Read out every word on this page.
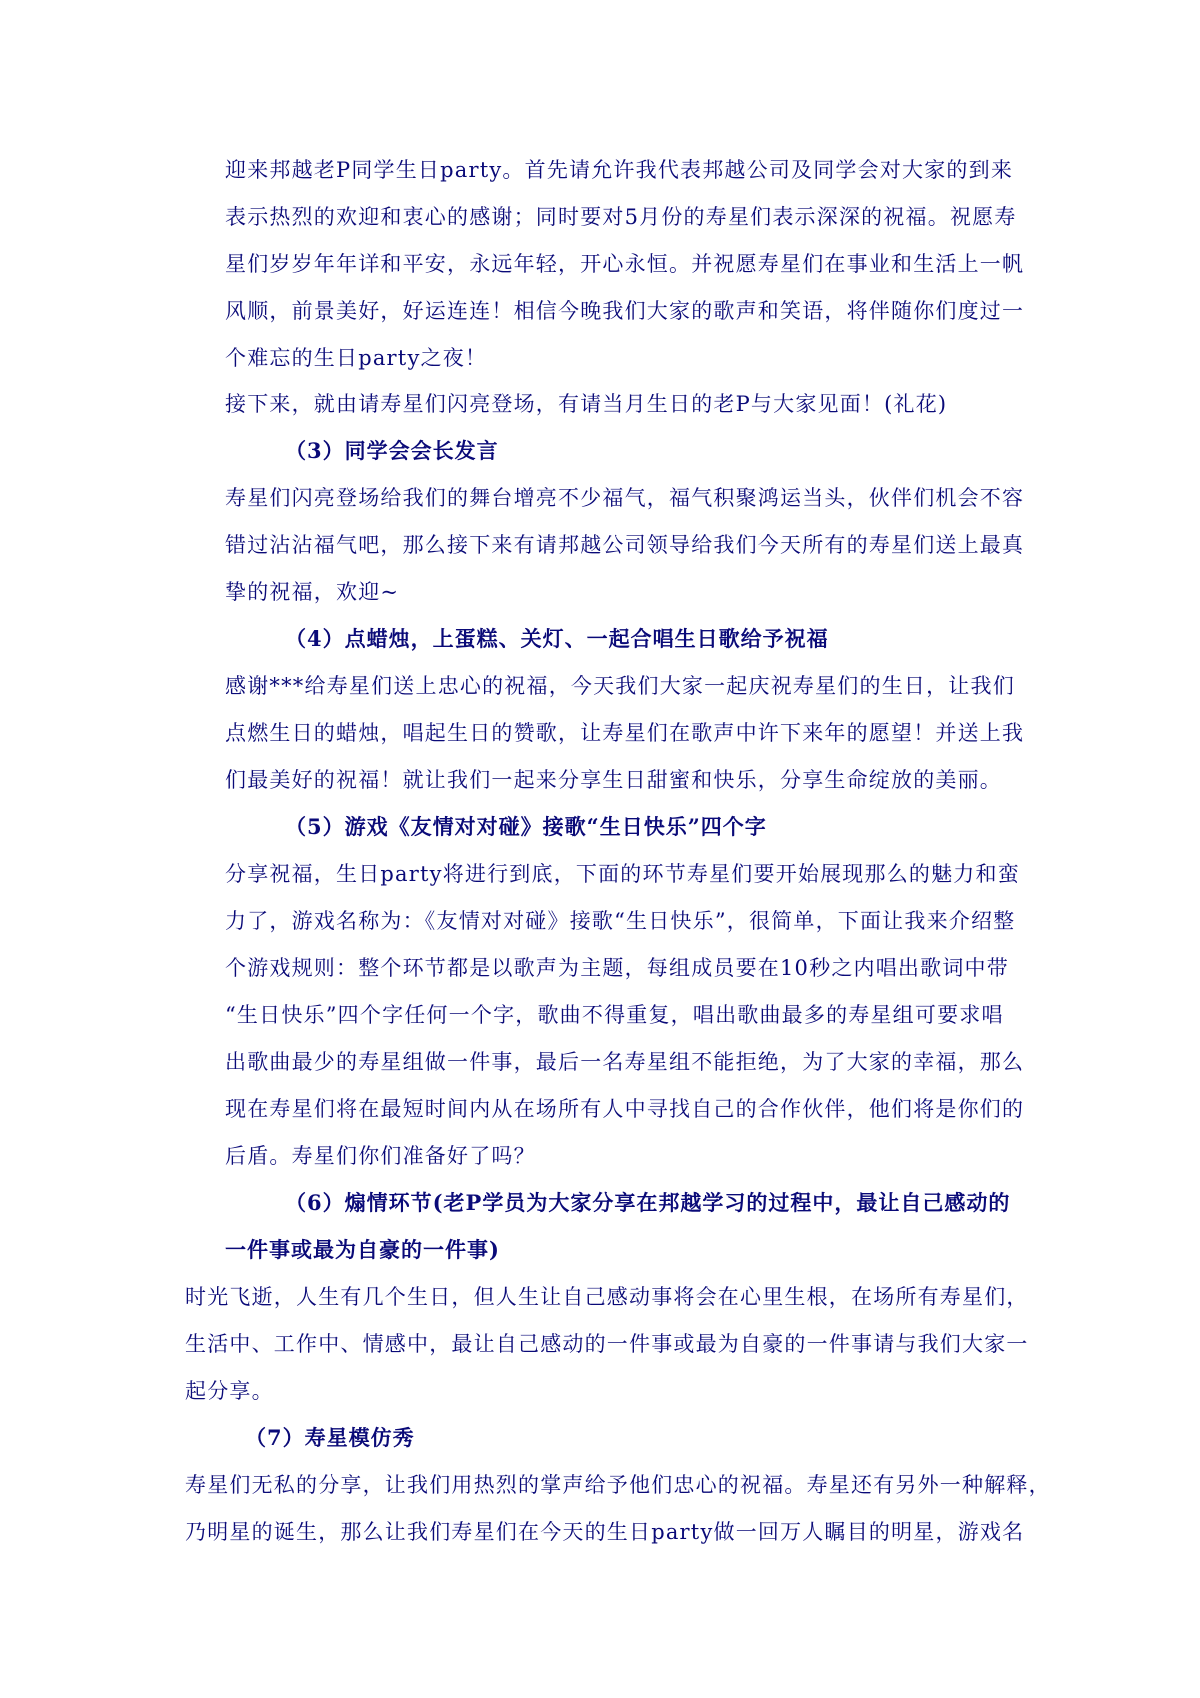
迎来邦越老P同学生日party。首先请允许我代表邦越公司及同学会对大家的到来
表示热烈的欢迎和衷心的感谢；同时要对5月份的寿星们表示深深的祝福。祝愿寿
星们岁岁年年详和平安，永远年轻，开心永恒。并祝愿寿星们在事业和生活上一帆
风顺，前景美好，好运连连！相信今晚我们大家的歌声和笑语，将伴随你们度过一
个难忘的生日party之夜！
接下来，就由请寿星们闪亮登场，有请当月生日的老P与大家见面！(礼花)
（3）同学会会长发言
寿星们闪亮登场给我们的舞台增亮不少福气，福气积聚鸿运当头，伙伴们机会不容
错过沾沾福气吧，那么接下来有请邦越公司领导给我们今天所有的寿星们送上最真
挚的祝福，欢迎~
（4）点蜡烛，上蛋糕、关灯、一起合唱生日歌给予祝福
感谢***给寿星们送上忠心的祝福，今天我们大家一起庆祝寿星们的生日，让我们
点燃生日的蜡烛，唱起生日的赞歌，让寿星们在歌声中许下来年的愿望！并送上我
们最美好的祝福！就让我们一起来分享生日甜蜜和快乐，分享生命绽放的美丽。
（5）游戏《友情对对碰》接歌“生日快乐”四个字
分享祝福，生日party将进行到底，下面的环节寿星们要开始展现那么的魅力和蛮
力了，游戏名称为：《友情对对碰》接歌“生日快乐”，很简单，下面让我来介绍整
个游戏规则：整个环节都是以歌声为主题，每组成员要在10秒之内唱出歌词中带
“生日快乐”四个字任何一个字，歌曲不得重复，唱出歌曲最多的寿星组可要求唱
出歌曲最少的寿星组做一件事，最后一名寿星组不能拒绝，为了大家的幸福，那么
现在寿星们将在最短时间内从在场所有人中寻找自己的合作伙伴，他们将是你们的
后盾。寿星们你们准备好了吗？
（6）煽情环节(老P学员为大家分享在邦越学习的过程中，最让自己感动的
一件事或最为自豪的一件事)
时光飞逝，人生有几个生日，但人生让自己感动事将会在心里生根，在场所有寿星们，
生活中、工作中、情感中，最让自己感动的一件事或最为自豪的一件事请与我们大家一
起分享。
（7）寿星模仿秀
寿星们无私的分享，让我们用热烈的掌声给予他们忠心的祝福。寿星还有另外一种解释，
乃明星的诞生，那么让我们寿星们在今天的生日party做一回万人瞩目的明星，游戏名
